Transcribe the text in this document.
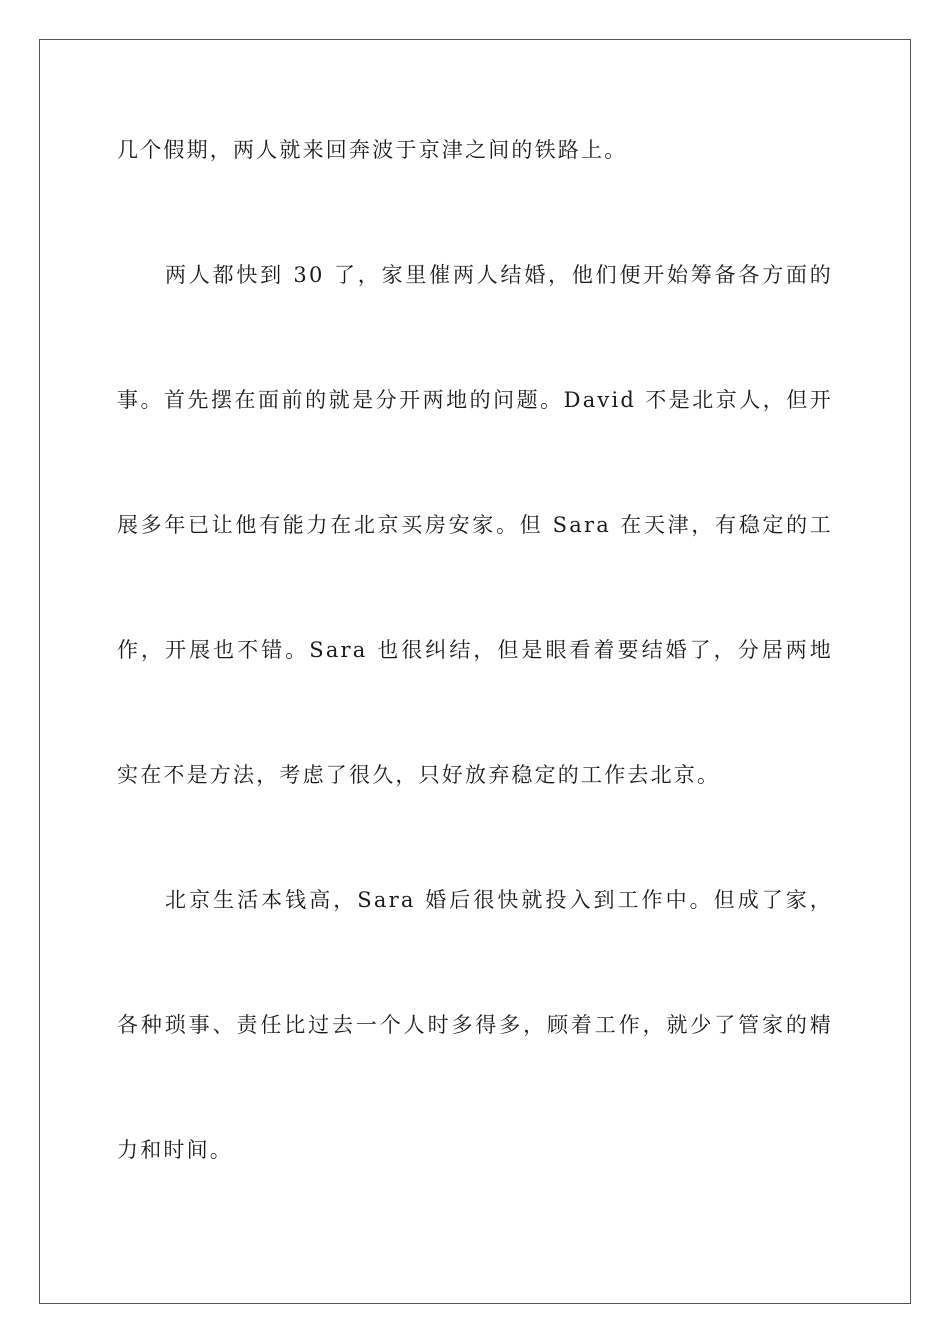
几个假期，两人就来回奔波于京津之间的铁路上。
两人都快到 30 了，家里催两人结婚，他们便开始筹备各方面的
事。首先摆在面前的就是分开两地的问题。David 不是北京人，但开
展多年已让他有能力在北京买房安家。但 Sara 在天津，有稳定的工
作，开展也不错。Sara 也很纠结，但是眼看着要结婚了，分居两地
实在不是方法，考虑了很久，只好放弃稳定的工作去北京。
北京生活本钱高，Sara 婚后很快就投入到工作中。但成了家，
各种琐事、责任比过去一个人时多得多，顾着工作，就少了管家的精
力和时间。
